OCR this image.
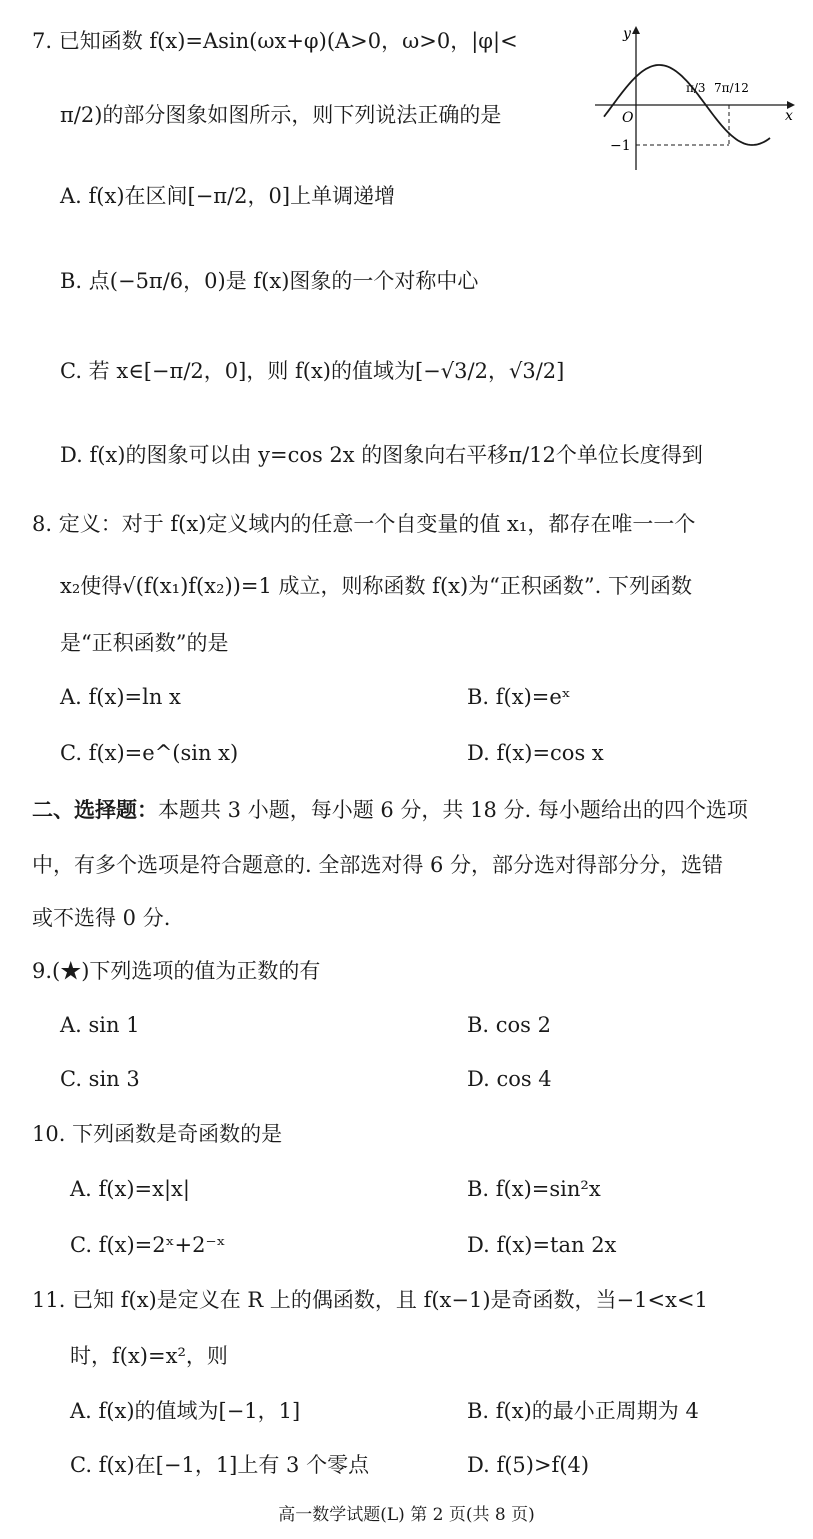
7. 已知函数 f(x)=Asin(ωx+φ)(A>0，ω>0，|φ|<
π/2)的部分图象如图所示，则下列说法正确的是
y
x
O
−1
π/3 7π/12
A. f(x)在区间[−π/2，0]上单调递增
B. 点(−5π/6，0)是 f(x)图象的一个对称中心
C. 若 x∈[−π/2，0]，则 f(x)的值域为[−√3/2，√3/2]
D. f(x)的图象可以由 y=cos 2x 的图象向右平移π/12个单位长度得到
8. 定义：对于 f(x)定义域内的任意一个自变量的值 x₁，都存在唯一一个
x₂使得√(f(x₁)f(x₂))=1 成立，则称函数 f(x)为“正积函数”. 下列函数
是“正积函数”的是
A. f(x)=ln x	B. f(x)=eˣ
C. f(x)=e^(sin x)	D. f(x)=cos x
二、选择题：本题共 3 小题，每小题 6 分，共 18 分. 每小题给出的四个选项
中，有多个选项是符合题意的. 全部选对得 6 分，部分选对得部分分，选错
或不选得 0 分.
9.(★)下列选项的值为正数的有
A. sin 1	B. cos 2
C. sin 3	D. cos 4
10. 下列函数是奇函数的是
A. f(x)=x|x|	B. f(x)=sin²x
C. f(x)=2ˣ+2⁻ˣ	D. f(x)=tan 2x
11. 已知 f(x)是定义在 R 上的偶函数，且 f(x−1)是奇函数，当−1<x<1
时，f(x)=x²，则
A. f(x)的值域为[−1，1]	B. f(x)的最小正周期为 4
C. f(x)在[−1，1]上有 3 个零点	D. f(5)>f(4)
高一数学试题(L) 第 2 页(共 8 页)
